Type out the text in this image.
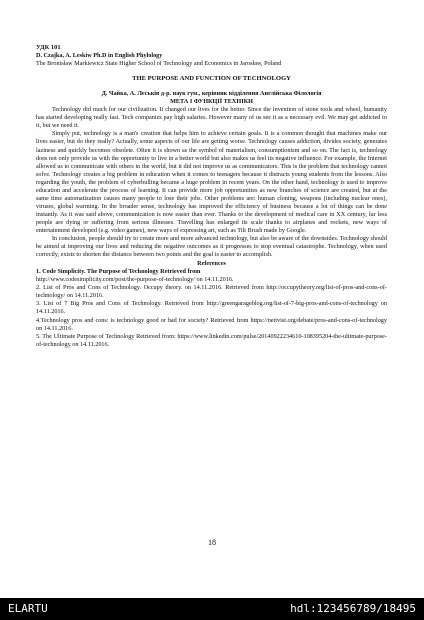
УДК 101
D. Czajka, A. Leskiw Ph.D in English Phylology
The Bronisław Markiewicz State Higher School of Technology and Economics in Jarosław, Poland
THE PURPOSE AND FUNCTION OF TECHNOLOGY
Д. Чайка, А. Леськів д-р. наук гум., керівник відділення Англійська Філологія
МЕТА І ФУНКЦІЇ ТЕХНІКИ

Technology did much for our civilization. It changed our lives for the better. Since the invention of stone tools and wheel, humanity has started developing really fast. Tech companies pay high salaries. However many of us see it as a necessary evil. We may get addicted to it, but we need it.

Simply put, technology is a man's creation that helps him to achieve certain goals. It is a common thought that machines make our lives easier, but do they really? Actually, some aspects of our life are getting worse. Technology causes addiction, divides society, generates laziness and quickly becomes obsolete. Often it is shown as the symbol of materialism, consumptionism and so on. The fact is, technology does not only provide us with the opportunity to live in a better world but also makes us feel its negative influence. For example, the Internet allowed us to communicate with others in the world, but it did not improve us as communicators. This is the problem that technology cannot solve. Technology creates a big problem in education when it comes to teenagers because it distracts young students from the lessons. Also regarding the youth, the problem of cyberbulling became a huge problem in recent years. On the other hand, technology is used to improve education and accelerate the process of learning. It can provide more job opportunities as new branches of science are created, but at the same time automatization causes many people to lose their jobs. Other problems are: human cloning, weapons (including nuclear ones), viruses, global warming. In the broader sense, technology has improved the efficiency of business because a lot of things can be done instantly. As it was said above, communication is now easier than ever. Thanks to the development of medical care in XX century, far less people are dying or suffering from serious illnesses. Travelling has enlarged its scale thanks to airplanes and rockets, new ways of entertainment developed (e.g. video games), new ways of expressing art, such as Tilt Brush made by Google.

In conclusion, people should try to create more and more advanced technology, but also be aware of the downsides. Technology should be aimed at improving our lives and reducing the negative outcomes as it progresses to stop eventual catastrophe. Technology, when used correctly, exists to shorten the distance between two points and the goal is easier to accomplish.

References
1. Code Simplicity. The Purpose of Technology Retrieved from
http://www.codesimplicity.com/post/the-purpose-of-technology/ on 14.11.2016.
2. List of Pros and Cons of Technology. Occupy theory. on 14.11.2016. Retrieved from http://occupytheory.org/list-of-pros-and-cons-of-technology/ on 14.11.2016.
3. List of 7 Big Pros and Cons of Technology. Retrieved from http://greengarageblog.org/list-of-7-big-pros-and-cons-of-technology on 14.11.2016.
4.Technology pros and cons: is technology good or bad for society? Retrieved from https://netivist.org/debate/pros-and-cons-of-technology on 14.11.2016.
5. The Ultimate Purpose of Technology Retrieved from: https://www.linkedin.com/pulse/20140922234610-108395204-the-ultimate-purpose-of-technology on 14.11.2016.
18
ELARTU	hdl:123456789/18495
